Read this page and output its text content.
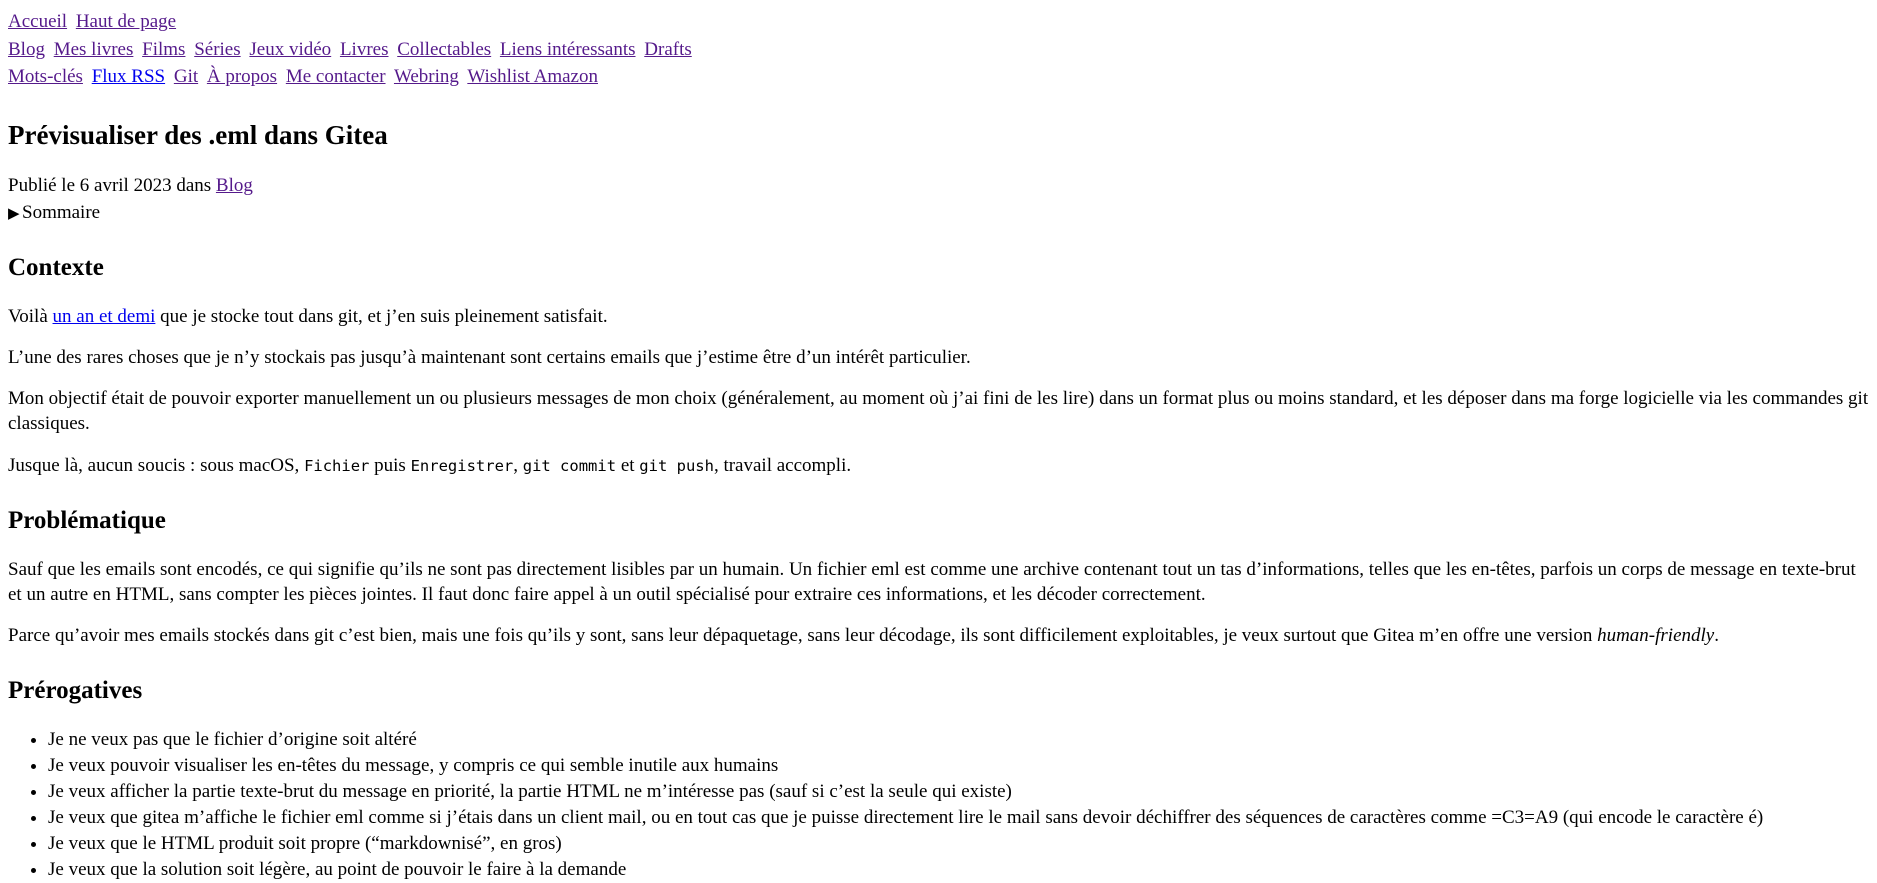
Accueil Haut de page
Blog Mes livres Films Séries Jeux vidéo Livres Collectables Liens intéressants Drafts
Mots-clés Flux RSS Git À propos Me contacter Webring Wishlist Amazon
Prévisualiser des .eml dans Gitea

Publié le 6 avril 2023 dans Blog

▶ Sommaire
Contexte

Voilà un an et demi que je stocke tout dans git, et j’en suis pleinement satisfait.

L’une des rares choses que je n’y stockais pas jusqu’à maintenant sont certains emails que j’estime être d’un intérêt particulier.

Mon objectif était de pouvoir exporter manuellement un ou plusieurs messages de mon choix (généralement, au moment où j’ai fini de les lire) dans un format plus ou moins standard, et les déposer dans ma forge logicielle via les commandes git classiques.

Jusque là, aucun soucis : sous macOS, Fichier puis Enregistrer, git commit et git push, travail accompli.

Problématique

Sauf que les emails sont encodés, ce qui signifie qu’ils ne sont pas directement lisibles par un humain. Un fichier eml est comme une archive contenant tout un tas d’informations, telles que les en-têtes, parfois un corps de message en texte-brut et un autre en HTML, sans compter les pièces jointes. Il faut donc faire appel à un outil spécialisé pour extraire ces informations, et les décoder correctement.

Parce qu’avoir mes emails stockés dans git c’est bien, mais une fois qu’ils y sont, sans leur dépaquetage, sans leur décodage, ils sont difficilement exploitables, je veux surtout que Gitea m’en offre une version human-friendly.

Prérogatives
• Je ne veux pas que le fichier d’origine soit altéré
• Je veux pouvoir visualiser les en-têtes du message, y compris ce qui semble inutile aux humains
• Je veux afficher la partie texte-brut du message en priorité, la partie HTML ne m’intéresse pas (sauf si c’est la seule qui existe)
• Je veux que gitea m’affiche le fichier eml comme si j’étais dans un client mail, ou en tout cas que je puisse directement lire le mail sans devoir déchiffrer des séquences de caractères comme =C3=A9 (qui encode le caractère é)
• Je veux que le HTML produit soit propre (“markdownisé”, en gros)
• Je veux que la solution soit légère, au point de pouvoir le faire à la demande
